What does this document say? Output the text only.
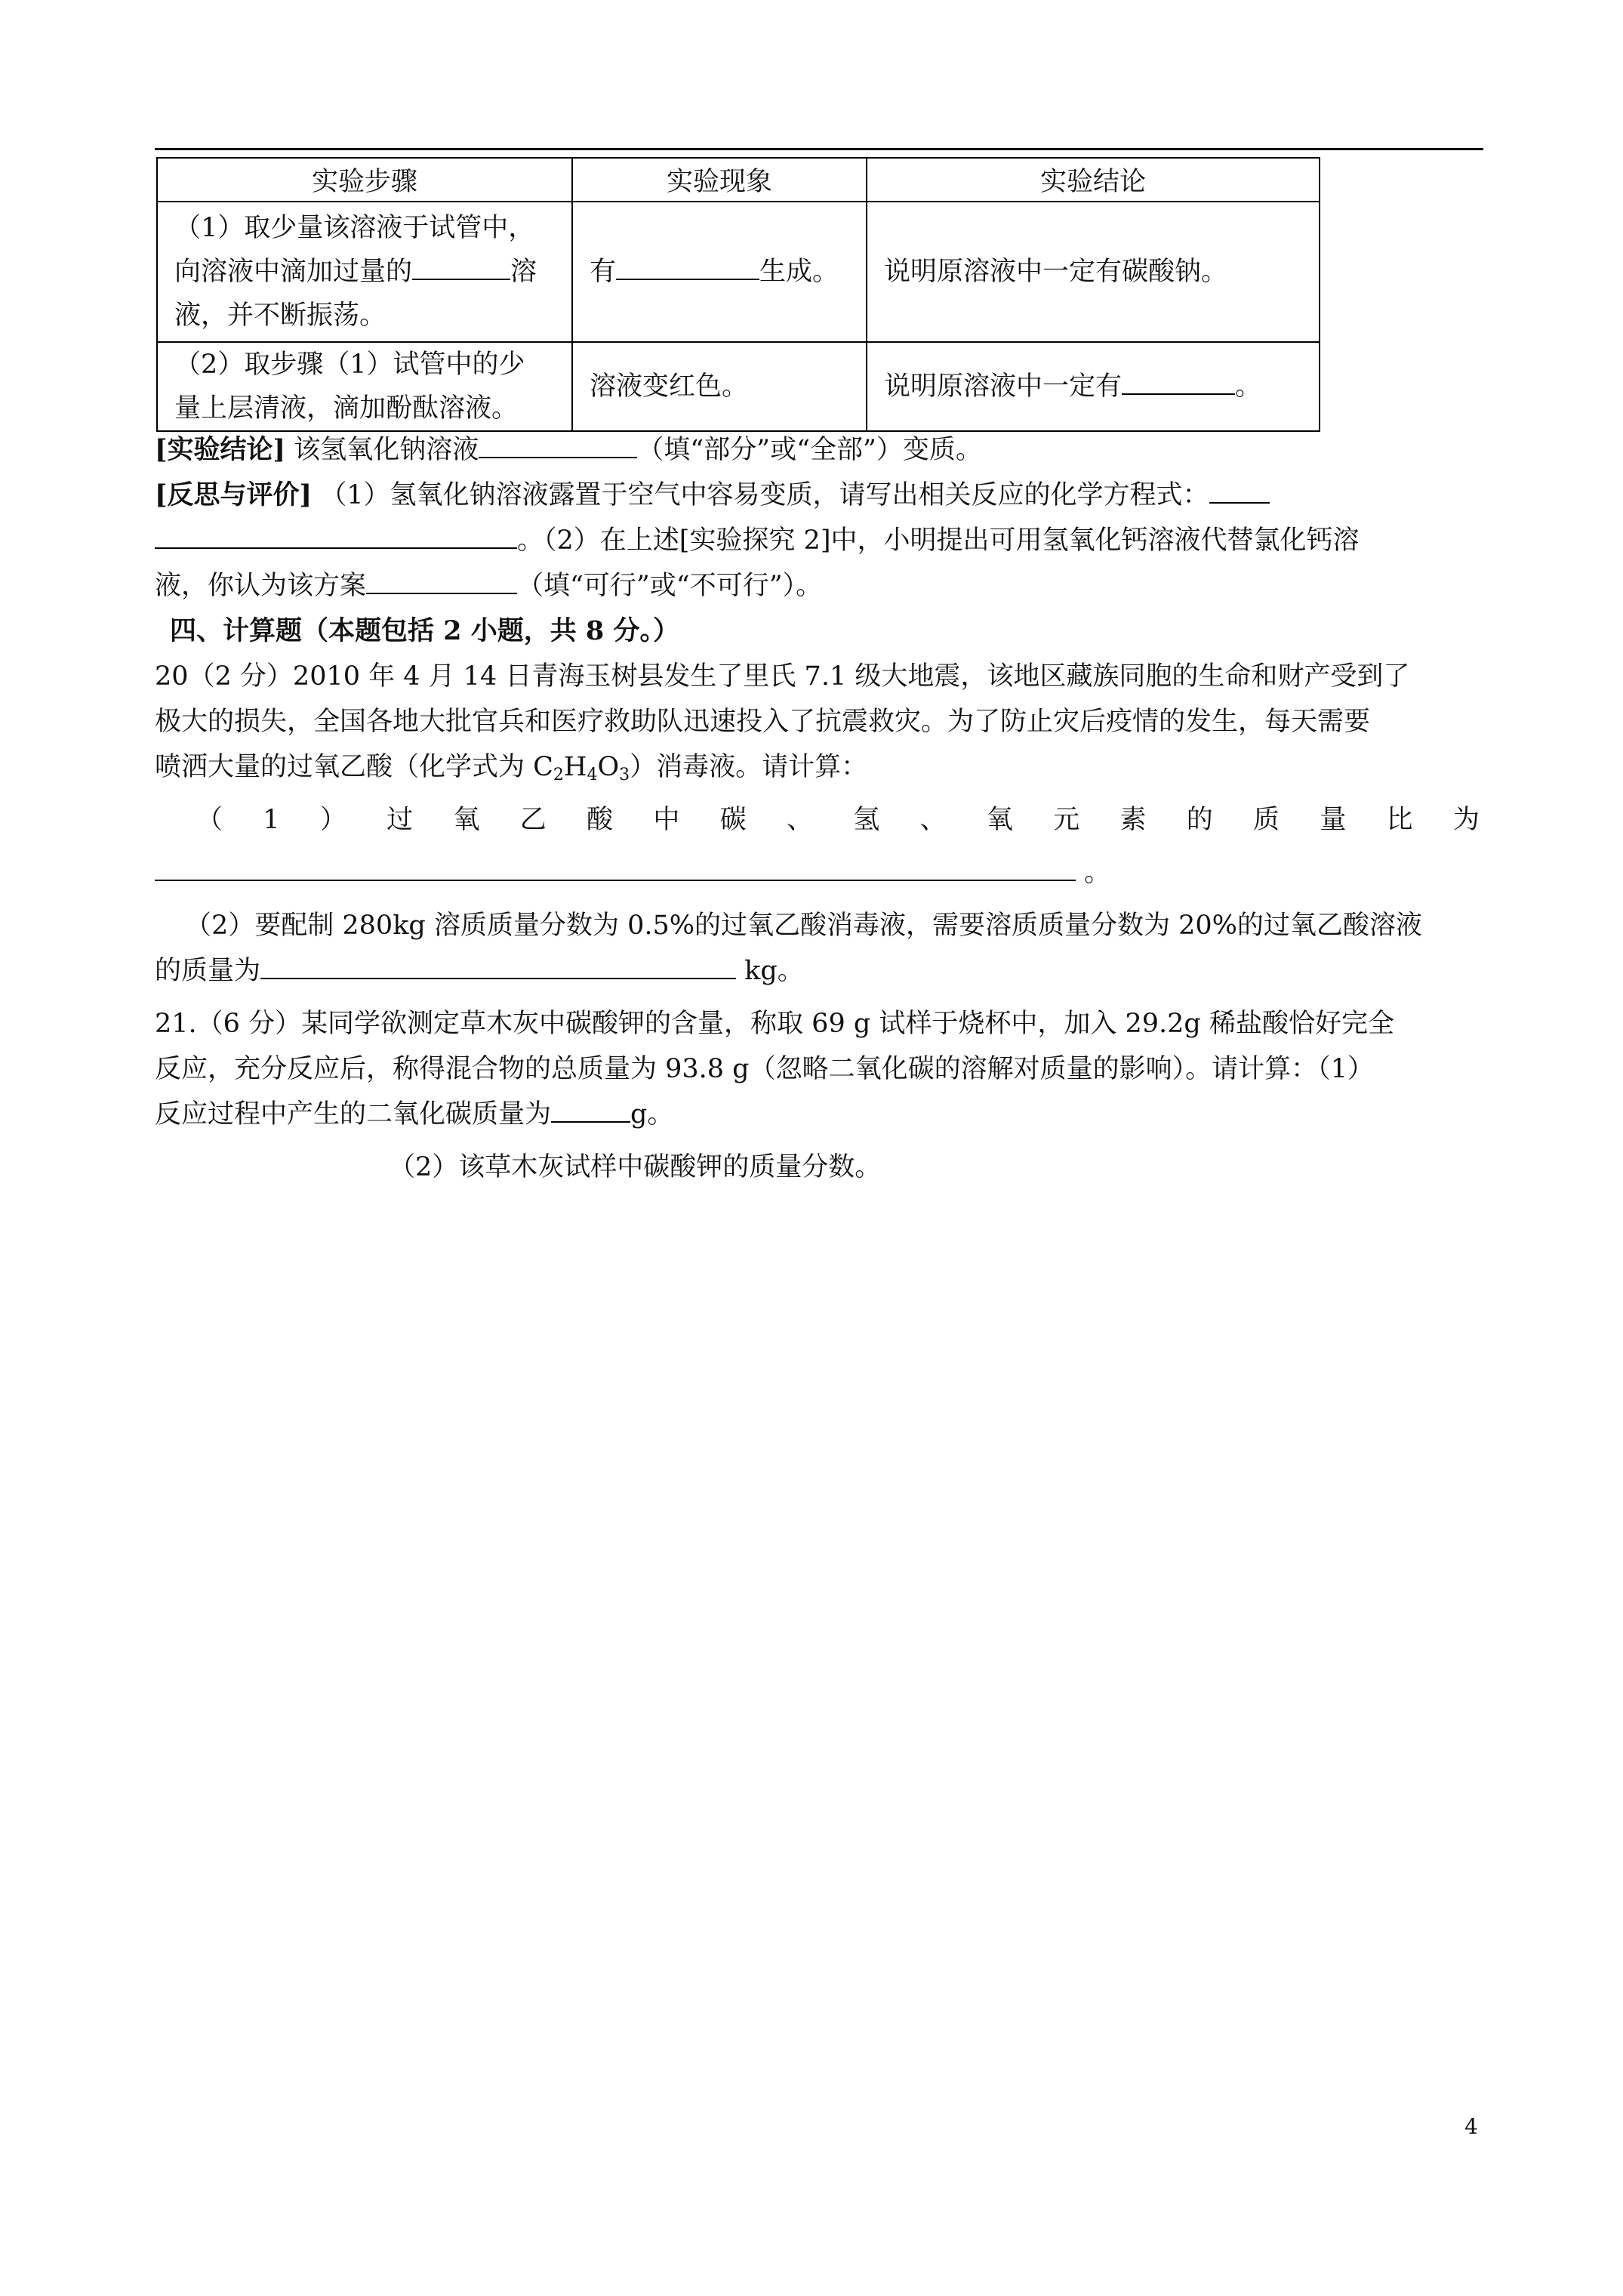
实验步骤	实验现象	实验结论

（1）取少量该溶液于试管中，
向溶液中滴加过量的 溶
液，并不断振荡。	有 生成。	说明原溶液中一定有碳酸钠。

（2）取步骤（1）试管中的少
量上层清液，滴加酚酞溶液。	溶液变红色。	说明原溶液中一定有 。
[实验结论] 该氢氧化钠溶液	（填“部分”或“全部”）变质。
[反思与评价] （1）氢氧化钠溶液露置于空气中容易变质，请写出相关反应的化学方程式：
。（2）在上述[实验探究 2]中，小明提出可用氢氧化钙溶液代替氯化钙溶
液，你认为该方案	（填“可行”或“不可行”）。
四、计算题（本题包括 2 小题，共 8 分。）
20（2 分）2010 年 4 月 14 日青海玉树县发生了里氏 7.1 级大地震，该地区藏族同胞的生命和财产受到了
极大的损失，全国各地大批官兵和医疗救助队迅速投入了抗震救灾。为了防止灾后疫情的发生，每天需要
喷洒大量的过氧乙酸（化学式为 $C_2H_4O_3$）消毒液。请计算：
（ 1 ） 过 氧 乙 酸 中 碳 、 氢 、 氧 元 素 的 质 量 比 为
。
（2）要配制 280kg 溶质质量分数为 0.5%的过氧乙酸消毒液，需要溶质质量分数为 20%的过氧乙酸溶液
的质量为	kg。
21.（6 分）某同学欲测定草木灰中碳酸钾的含量，称取 69 g 试样于烧杯中，加入 29.2g 稀盐酸恰好完全
反应，充分反应后，称得混合物的总质量为 93.8 g（忽略二氧化碳的溶解对质量的影响）。请计算：（1）
反应过程中产生的二氧化碳质量为	g。
（2）该草木灰试样中碳酸钾的质量分数。
4
